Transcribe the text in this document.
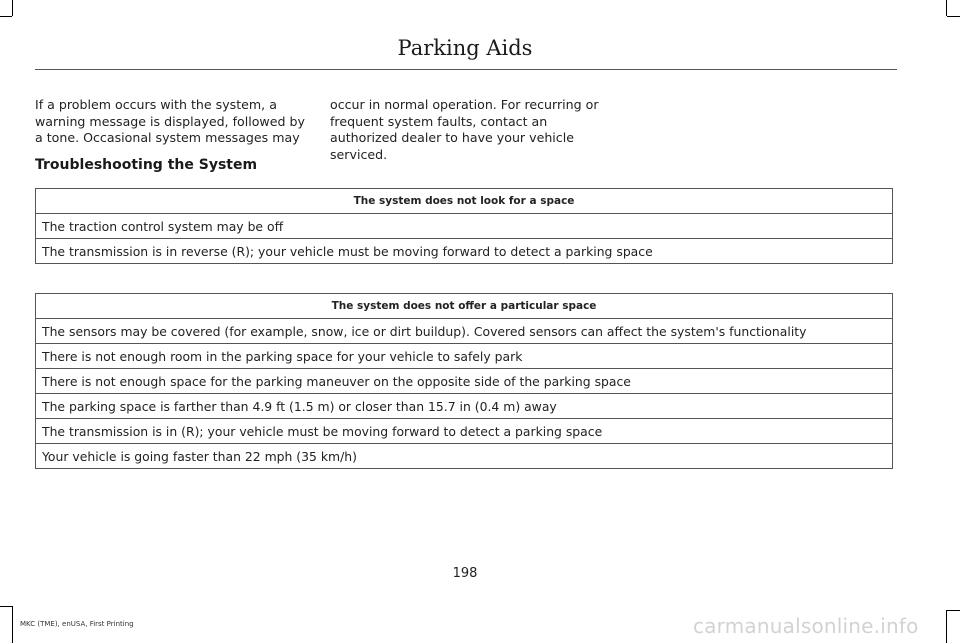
Parking Aids
If a problem occurs with the system, a warning message is displayed, followed by a tone. Occasional system messages may
occur in normal operation. For recurring or frequent system faults, contact an authorized dealer to have your vehicle serviced.
Troubleshooting the System
The system does not look for a space
The traction control system may be off
The transmission is in reverse (R); your vehicle must be moving forward to detect a parking space
The system does not offer a particular space
The sensors may be covered (for example, snow, ice or dirt buildup). Covered sensors can affect the system's functionality
There is not enough room in the parking space for your vehicle to safely park
There is not enough space for the parking maneuver on the opposite side of the parking space
The parking space is farther than 4.9 ft (1.5 m) or closer than 15.7 in (0.4 m) away
The transmission is in (R); your vehicle must be moving forward to detect a parking space
Your vehicle is going faster than 22 mph (35 km/h)
198
MKC (TME), enUSA, First Printing	carmanualsonline.info
